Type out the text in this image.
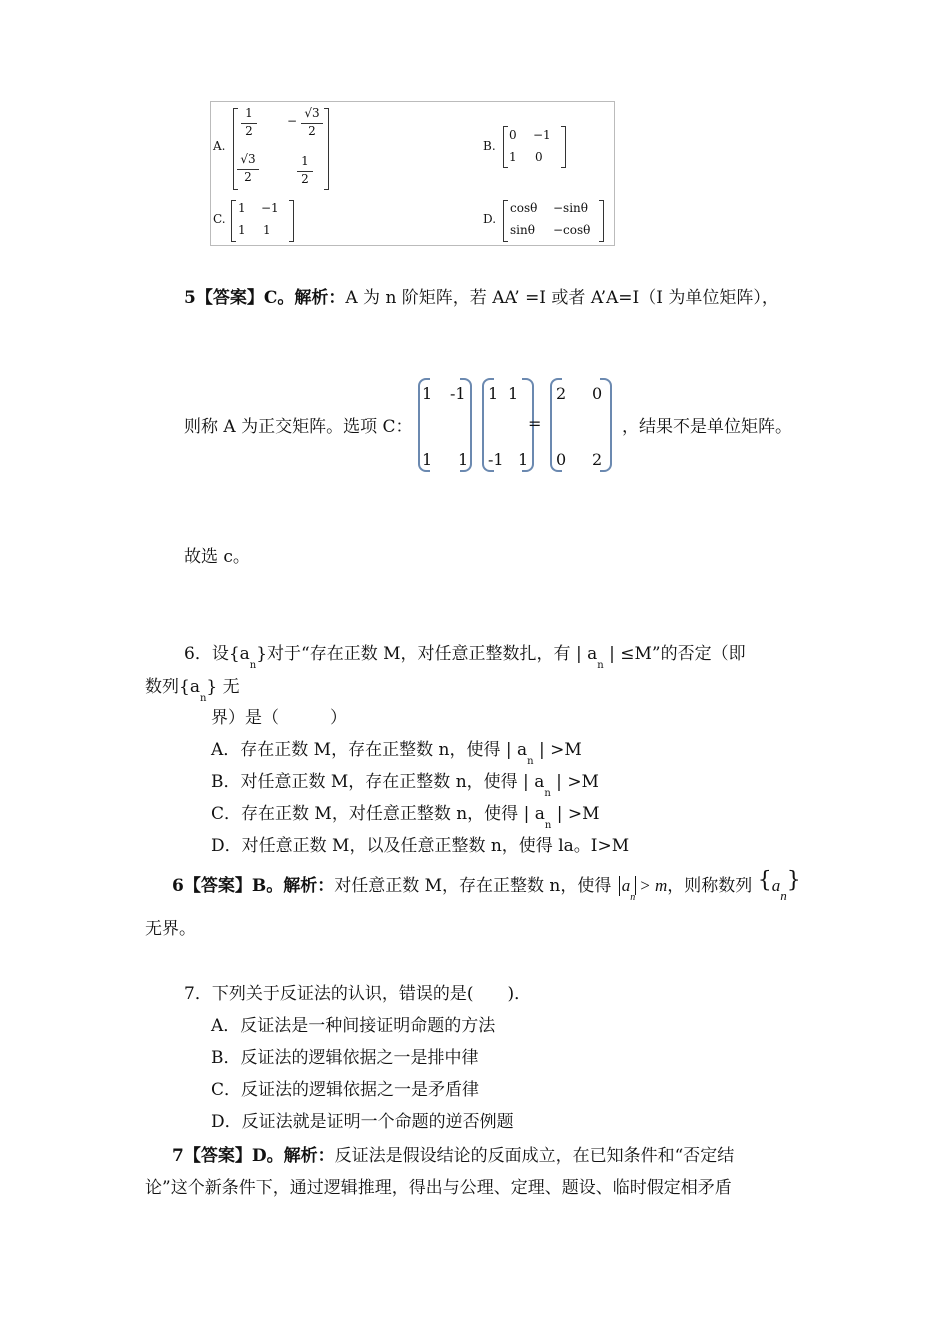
A.
1
2
−
√3
2
√3
2
1
2
B.
0 −1
1 0
C.
1 −1
1 1
D.
cosθ −sinθ
sinθ −cosθ
5【答案】C。解析：A 为 n 阶矩阵，若 AA’ =I 或者 A’A=I（I 为单位矩阵），
则称 A 为正交矩阵。选项 C：
1 -1
1 1
1 1
-1 1
=
2 0
0 2
，结果不是单位矩阵。
故选 c。
6．设$\{a_n\}$对于“存在正数 M，对任意正整数扎，有 | $a_n$ | ≤M”的否定（即
数列$\{a_n\}$ 无
界）是（　　　）
A．存在正数 M，存在正整数 n，使得 | $a_n$ | >M
B．对任意正数 M，存在正整数 n，使得 | $a_n$ | >M
C．存在正数 M，对任意正整数 n，使得 | $a_n$ | >M
D．对任意正数 M，以及任意正整数 n，使得 la。I>M
6【答案】B。解析：对任意正数 M，存在正整数 n，使得 $a_n> m$，则称数列 $\{a_n\}$
无界。
7．下列关于反证法的认识，错误的是(　　)．
A．反证法是一种间接证明命题的方法
B．反证法的逻辑依据之一是排中律
C．反证法的逻辑依据之一是矛盾律
D．反证法就是证明一个命题的逆否例题
7【答案】D。解析：反证法是假设结论的反面成立，在已知条件和“否定结
论”这个新条件下，通过逻辑推理，得出与公理、定理、题设、临时假定相矛盾
